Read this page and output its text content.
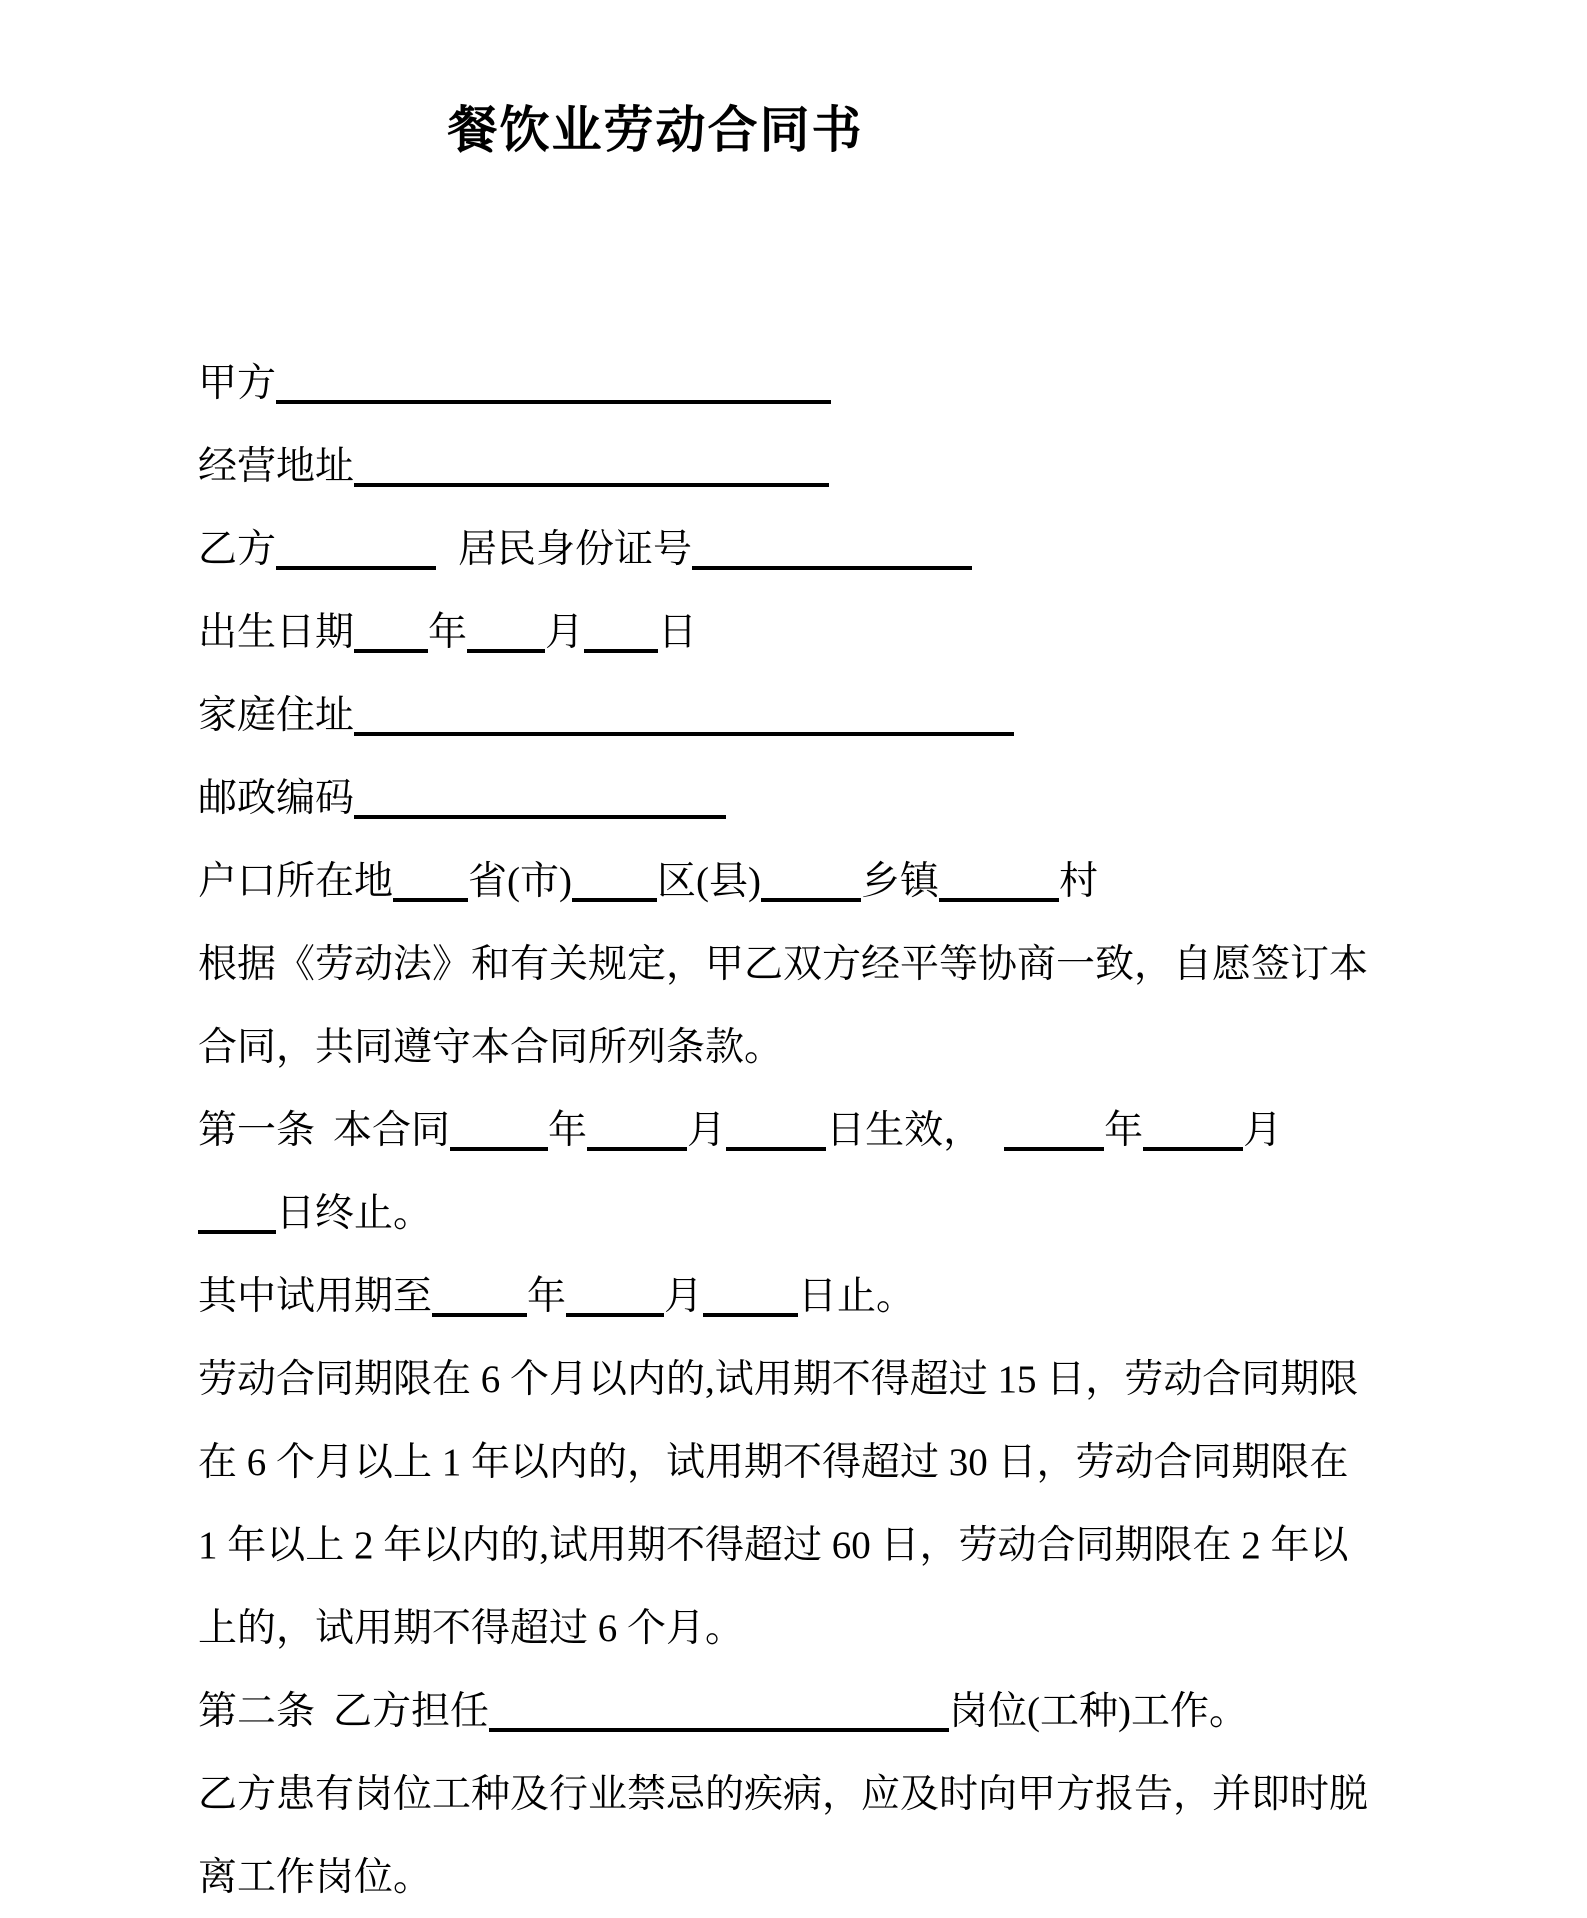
餐饮业劳动合同书
甲方
经营地址
乙方	居民身份证号
出生日期 年 月 日
家庭住址
邮政编码
户口所在地 省(市) 区(县)	乡镇	村
根据《劳动法》和有关规定，甲乙双方经平等协商一致，自愿签订本
合同，共同遵守本合同所列条款。
第一条 本合同	年	月	日生效，	年	月
日终止。
其中试用期至 年	月 日止。
劳动合同期限在 6 个月以内的,试用期不得超过 15 日，劳动合同期限
在 6 个月以上 1 年以内的，试用期不得超过 30 日，劳动合同期限在
1 年以上 2 年以内的,试用期不得超过 60 日，劳动合同期限在 2 年以
上的，试用期不得超过 6 个月。
第二条 乙方担任	岗位(工种)工作。
乙方患有岗位工种及行业禁忌的疾病，应及时向甲方报告，并即时脱
离工作岗位。
